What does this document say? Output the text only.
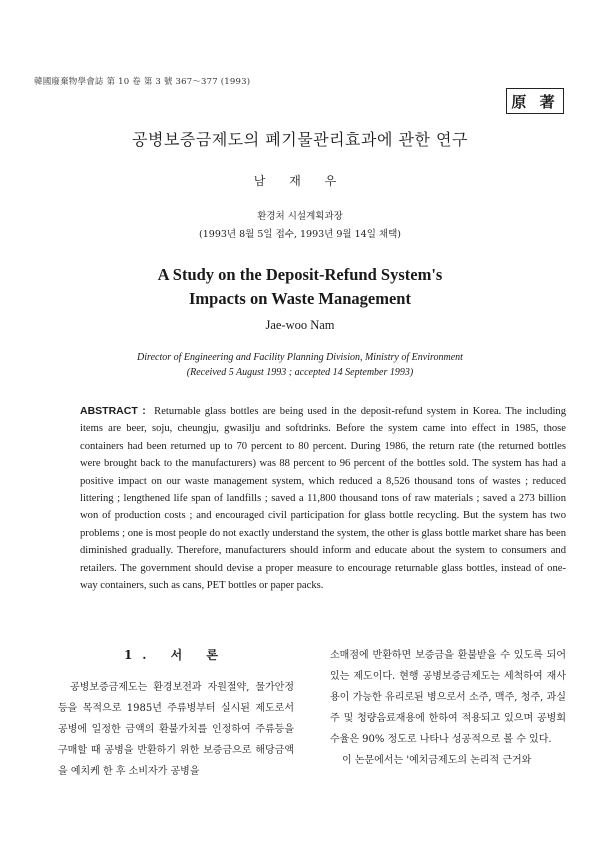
韓國廢棄物學會誌 第 10 卷 第 3 號 367～377 (1993)
原 著
공병보증금제도의 폐기물관리효과에 관한 연구
남 재 우
환경처 시설계획과장
(1993년 8월 5일 접수, 1993년 9월 14일 채택)
A Study on the Deposit-Refund System's
Impacts on Waste Management
Jae-woo Nam
Director of Engineering and Facility Planning Division, Ministry of Environment
(Received 5 August 1993 ; accepted 14 September 1993)

ABSTRACT : Returnable glass bottles are being used in the deposit-refund system in Korea. The including items are beer, soju, cheungju, gwasilju and softdrinks. Before the system came into effect in 1985, those containers had been returned up to 70 percent to 80 percent. During 1986, the return rate (the returned bottles were brought back to the manufacturers) was 88 percent to 96 percent of the bottles sold. The system has had a positive impact on our waste management system, which reduced a 8,526 thousand tons of wastes ; reduced littering ; lengthened life span of landfills ; saved a 11,800 thousand tons of raw materials ; saved a 273 billion won of production costs ; and encouraged civil participation for glass bottle recycling. But the system has two problems ; one is most people do not exactly understand the system, the other is glass bottle market share has been diminished gradually. Therefore, manufacturers should inform and educate about the system to consumers and retailers. The government should devise a proper measure to encourage returnable glass bottles, instead of one-way containers, such as cans, PET bottles or paper packs.

1. 서 론

공병보증금제도는 환경보전과 자원절약, 물가안정등을 목적으로 1985년 주류병부터 실시된 제도로서 공병에 일정한 금액의 환불가치를 인정하여 주류등을 구매할 때 공병을 반환하기 위한 보증금으로 해당금액을 예치케 한 후 소비자가 공병을

소매점에 반환하면 보증금을 환불받을 수 있도록 되어 있는 제도이다. 현행 공병보증금제도는 세척하여 재사용이 가능한 유리로된 병으로서 소주, 맥주, 청주, 과실주 및 청량음료재용에 한하여 적용되고 있으며 공병회수율은 90% 정도로 나타나 성공적으로 볼 수 있다.

이 논문에서는 '예치금제도의 논리적 근거와
